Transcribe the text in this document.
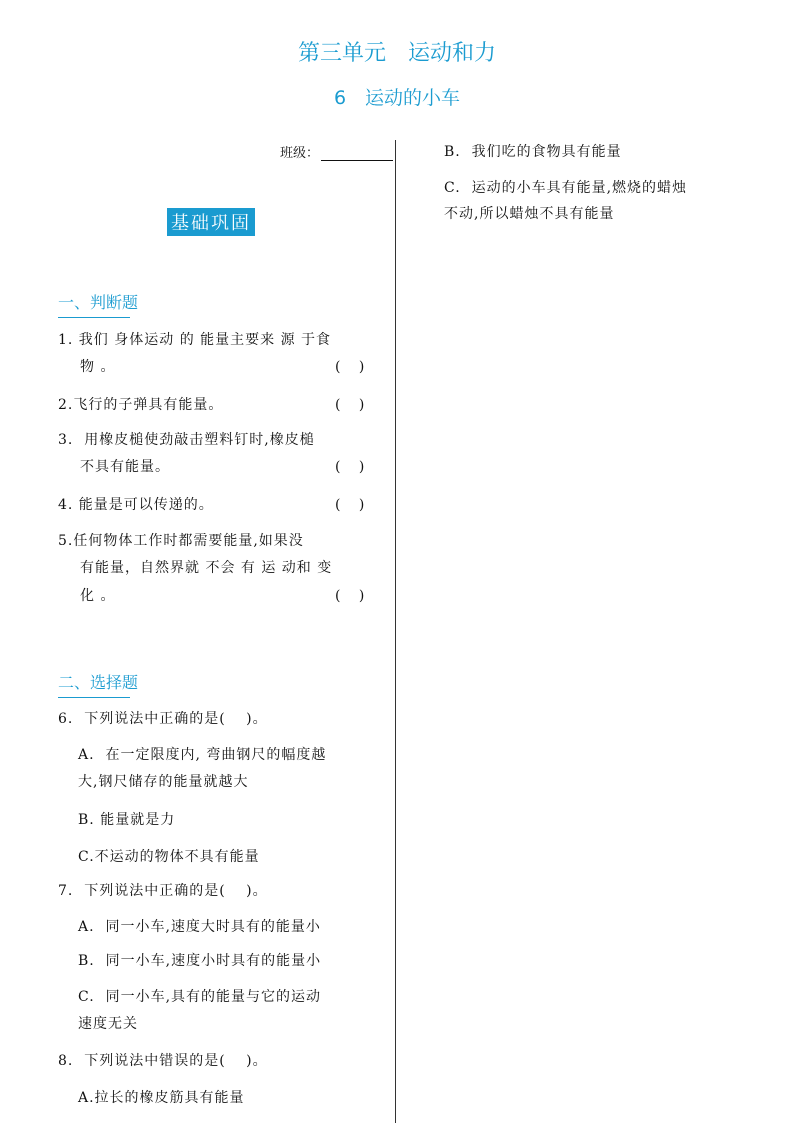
第三单元　运动和力
6　运动的小车
班级：
基础巩固
一、判断题
1. 我们 身体运动 的 能量主要来 源 于食
物 。	(　 )
2.飞行的子弹具有能量。	(　 )
3.  用橡皮槌使劲敲击塑料钉时,橡皮槌
不具有能量。	(　 )
4. 能量是可以传递的。	(　 )
5.任何物体工作时都需要能量,如果没
有能量，自然界就 不会 有 运 动和 变
化 。	(　 )
二、选择题
6.  下列说法中正确的是(　 )。
A.  在一定限度内, 弯曲钢尺的幅度越
大,钢尺储存的能量就越大
B. 能量就是力
C.不运动的物体不具有能量
7.  下列说法中正确的是(　 )。
A.  同一小车,速度大时具有的能量小
B.  同一小车,速度小时具有的能量小
C.  同一小车,具有的能量与它的运动
速度无关
8.  下列说法中错误的是(　 )。
A.拉长的橡皮筋具有能量
B.  我们吃的食物具有能量
C.  运动的小车具有能量,燃烧的蜡烛
不动,所以蜡烛不具有能量
